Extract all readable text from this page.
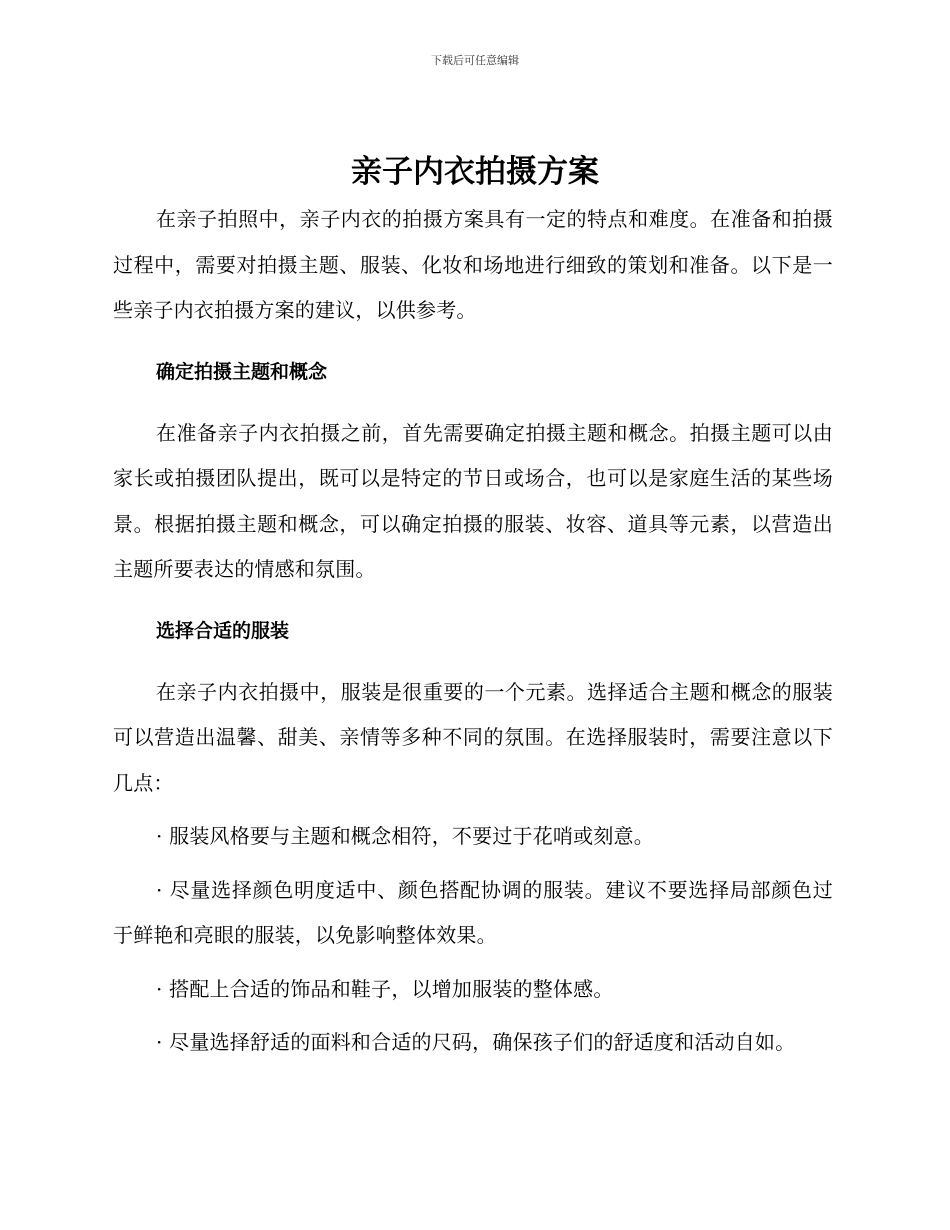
下载后可任意编辑
亲子内衣拍摄方案

在亲子拍照中，亲子内衣的拍摄方案具有一定的特点和难度。在准备和拍摄过程中，需要对拍摄主题、服装、化妆和场地进行细致的策划和准备。以下是一些亲子内衣拍摄方案的建议，以供参考。

确定拍摄主题和概念

在准备亲子内衣拍摄之前，首先需要确定拍摄主题和概念。拍摄主题可以由家长或拍摄团队提出，既可以是特定的节日或场合，也可以是家庭生活的某些场景。根据拍摄主题和概念，可以确定拍摄的服装、妆容、道具等元素，以营造出主题所要表达的情感和氛围。

选择合适的服装

在亲子内衣拍摄中，服装是很重要的一个元素。选择适合主题和概念的服装可以营造出温馨、甜美、亲情等多种不同的氛围。在选择服装时，需要注意以下几点：

· 服装风格要与主题和概念相符，不要过于花哨或刻意。

· 尽量选择颜色明度适中、颜色搭配协调的服装。建议不要选择局部颜色过于鲜艳和亮眼的服装，以免影响整体效果。

· 搭配上合适的饰品和鞋子，以增加服装的整体感。

· 尽量选择舒适的面料和合适的尺码，确保孩子们的舒适度和活动自如。
